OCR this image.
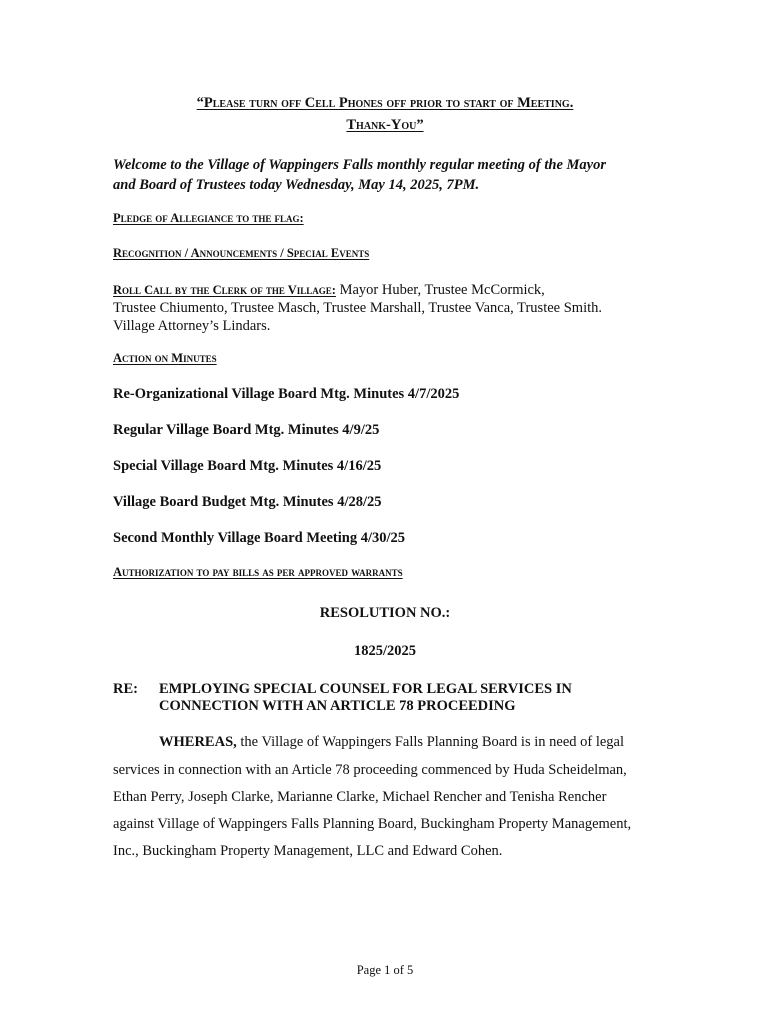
“Please turn off Cell Phones off prior to start of Meeting.
Thank-You”
Welcome to the Village of Wappingers Falls monthly regular meeting of the Mayor
and Board of Trustees today Wednesday, May 14, 2025, 7PM.
Pledge of Allegiance to the flag:
Recognition / Announcements / Special Events
Roll Call by the Clerk of the Village: Mayor Huber, Trustee McCormick,
Trustee Chiumento, Trustee Masch, Trustee Marshall, Trustee Vanca, Trustee Smith.
Village Attorney’s Lindars.
Action on Minutes
Re-Organizational Village Board Mtg. Minutes 4/7/2025
Regular Village Board Mtg. Minutes 4/9/25
Special Village Board Mtg. Minutes 4/16/25
Village Board Budget Mtg. Minutes 4/28/25
Second Monthly Village Board Meeting 4/30/25
Authorization to pay bills as per approved warrants
RESOLUTION NO.:
1825/2025
RE: EMPLOYING SPECIAL COUNSEL FOR LEGAL SERVICES IN
CONNECTION WITH AN ARTICLE 78 PROCEEDING
WHEREAS, the Village of Wappingers Falls Planning Board is in need of legal
services in connection with an Article 78 proceeding commenced by Huda Scheidelman,
Ethan Perry, Joseph Clarke, Marianne Clarke, Michael Rencher and Tenisha Rencher
against Village of Wappingers Falls Planning Board, Buckingham Property Management,
Inc., Buckingham Property Management, LLC and Edward Cohen.
Page 1 of 5
